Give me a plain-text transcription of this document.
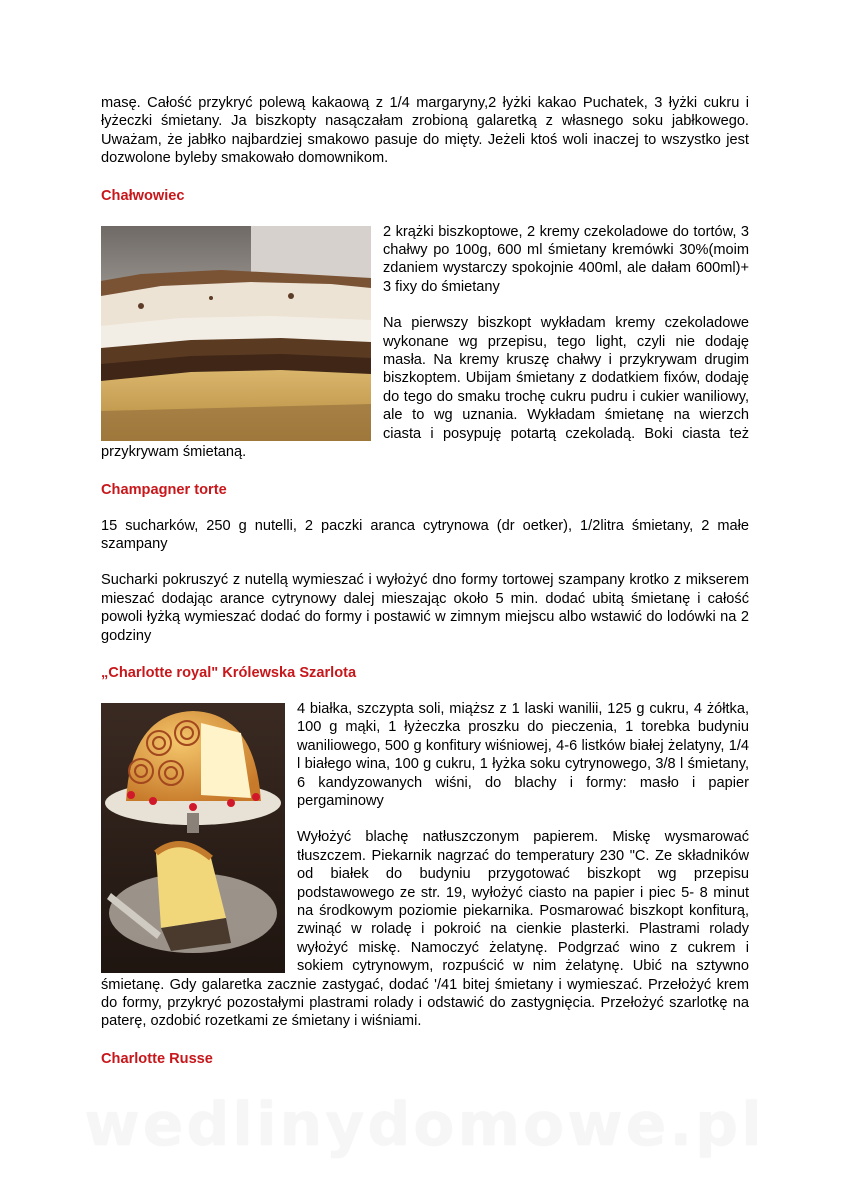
masę. Całość przykryć polewą kakaową z 1/4 margaryny,2 łyżki kakao Puchatek, 3 łyżki cukru i łyżeczki śmietany. Ja biszkopty nasączałam zrobioną galaretką z własnego soku jabłkowego. Uważam, że jabłko najbardziej smakowo pasuje do mięty. Jeżeli ktoś woli inaczej to wszystko jest dozwolone byleby smakowało domownikom.

Chałwowiec

2 krążki biszkoptowe, 2 kremy czekoladowe do tortów, 3 chałwy po 100g, 600 ml śmietany kremówki 30%(moim zdaniem wystarczy spokojnie 400ml, ale dałam 600ml)+ 3 fixy do śmietany

Na pierwszy biszkopt wykładam kremy czekoladowe wykonane wg przepisu, tego light, czyli nie dodaję masła. Na kremy kruszę chałwy i przykrywam drugim biszkoptem. Ubijam śmietany z dodatkiem fixów, dodaję do tego do smaku trochę cukru pudru i cukier waniliowy, ale to wg uznania. Wykładam śmietanę na wierzch ciasta i posypuję potartą czekoladą. Boki ciasta też przykrywam śmietaną.

Champagner torte

15 sucharków, 250 g nutelli, 2 paczki aranca cytrynowa (dr oetker), 1/2litra śmietany, 2 małe szampany

Sucharki pokruszyć z nutellą wymieszać i wyłożyć dno formy tortowej szampany krotko z mikserem mieszać dodając arance cytrynowy dalej mieszając około 5 min. dodać ubitą śmietanę i całość powoli łyżką wymieszać dodać do formy i postawić w zimnym miejscu albo wstawić do lodówki na 2 godziny

„Charlotte royal" Królewska Szarlota

4 białka, szczypta soli, miąższ z 1 laski wanilii, 125 g cukru, 4 żółtka, 100 g mąki, 1 łyżeczka proszku do pieczenia, 1 torebka budyniu waniliowego, 500 g konfitury wiśniowej, 4-6 listków białej żelatyny, 1/4 l białego wina, 100 g cukru, 1 łyżka soku cytrynowego, 3/8 l śmietany, 6 kandyzowanych wiśni, do blachy i formy: masło i papier pergaminowy

Wyłożyć blachę natłuszczonym papierem. Miskę wysmarować tłuszczem. Piekarnik nagrzać do temperatury 230 "C. Ze składników od białek do budyniu przygotować biszkopt wg przepisu podstawowego ze str. 19, wyłożyć ciasto na papier i piec 5- 8 minut na środkowym poziomie piekarnika. Posmarować biszkopt konfiturą, zwinąć w roladę i pokroić na cienkie plasterki. Plastrami rolady wyłożyć miskę. Namoczyć żelatynę. Podgrzać wino z cukrem i sokiem cytrynowym, rozpuścić w nim żelatynę. Ubić na sztywno śmietanę. Gdy galaretka zacznie zastygać, dodać '/41 bitej śmietany i wymieszać. Przełożyć krem do formy, przykryć pozostałymi plastrami rolady i odstawić do zastygnięcia. Przełożyć szarlotkę na paterę, ozdobić rozetkami ze śmietany i wiśniami.

Charlotte Russe
wedlinydomowe.pl
